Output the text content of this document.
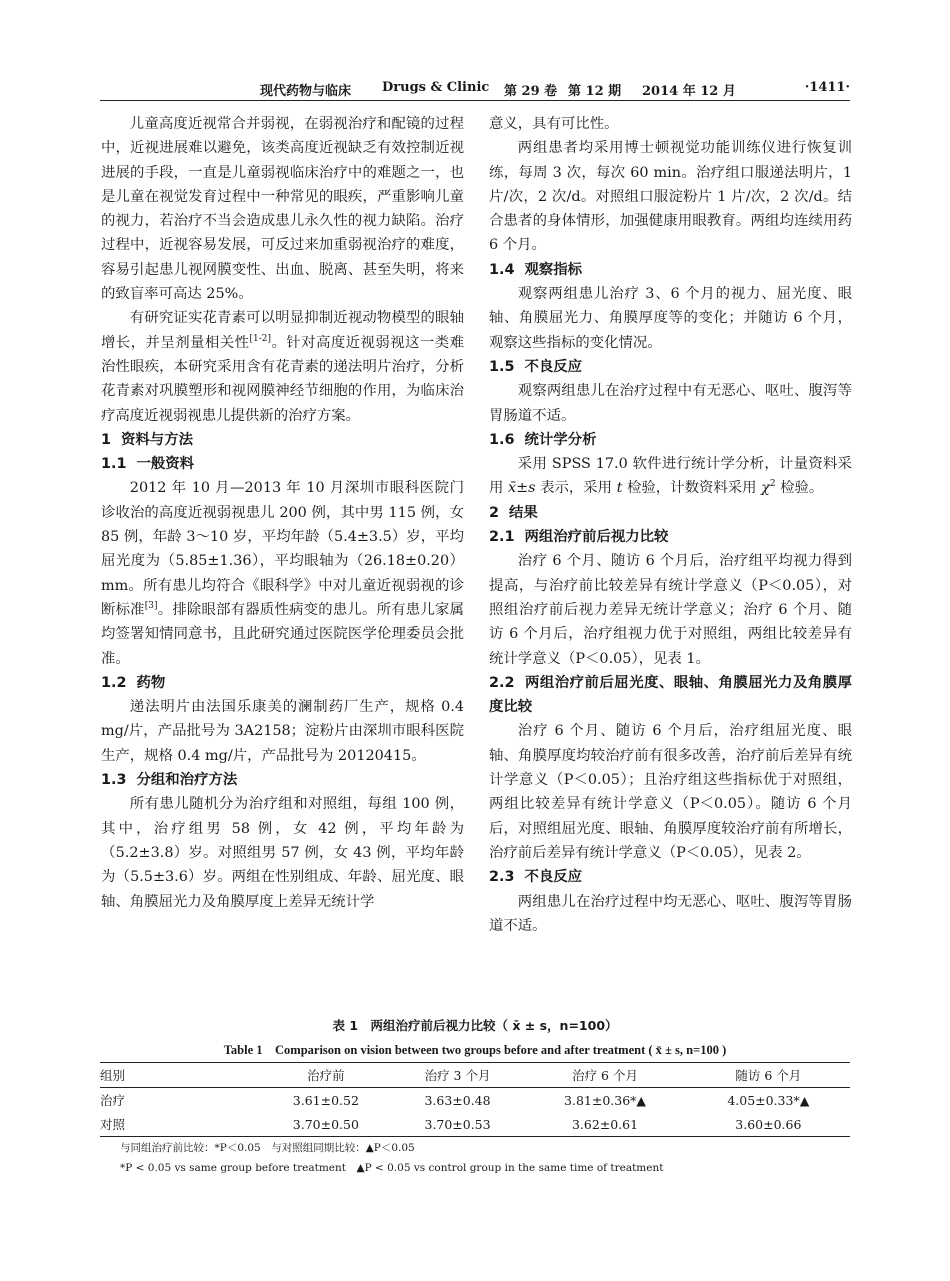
现代药物与临床 Drugs & Clinic 第 29 卷 第 12 期 2014 年 12 月	·1411·

儿童高度近视常合并弱视，在弱视治疗和配镜的过程中，近视进展难以避免，该类高度近视缺乏有效控制近视进展的手段，一直是儿童弱视临床治疗中的难题之一，也是儿童在视觉发育过程中一种常见的眼疾，严重影响儿童的视力，若治疗不当会造成患儿永久性的视力缺陷。治疗过程中，近视容易发展，可反过来加重弱视治疗的难度，容易引起患儿视网膜变性、出血、脱离、甚至失明，将来的致盲率可高达 25%。

有研究证实花青素可以明显抑制近视动物模型的眼轴增长，并呈剂量相关性[1-2]。针对高度近视弱视这一类难治性眼疾，本研究采用含有花青素的递法明片治疗，分析花青素对巩膜塑形和视网膜神经节细胞的作用，为临床治疗高度近视弱视患儿提供新的治疗方案。

1 资料与方法
1.1 一般资料

2012 年 10 月—2013 年 10 月深圳市眼科医院门诊收治的高度近视弱视患儿 200 例，其中男 115 例，女 85 例，年龄 3～10 岁，平均年龄（5.4±3.5）岁，平均屈光度为（5.85±1.36），平均眼轴为（26.18±0.20）mm。所有患儿均符合《眼科学》中对儿童近视弱视的诊断标准[3]。排除眼部有器质性病变的患儿。所有患儿家属均签署知情同意书，且此研究通过医院医学伦理委员会批准。

1.2 药物

递法明片由法国乐康美的澜制药厂生产，规格 0.4 mg/片，产品批号为 3A2158；淀粉片由深圳市眼科医院生产，规格 0.4 mg/片，产品批号为 20120415。

1.3 分组和治疗方法

所有患儿随机分为治疗组和对照组，每组 100 例，其中，治疗组男 58 例，女 42 例，平均年龄为（5.2±3.8）岁。对照组男 57 例，女 43 例，平均年龄为（5.5±3.6）岁。两组在性别组成、年龄、屈光度、眼轴、角膜屈光力及角膜厚度上差异无统计学

意义，具有可比性。

两组患者均采用博士顿视觉功能训练仪进行恢复训练，每周 3 次，每次 60 min。治疗组口服递法明片，1 片/次，2 次/d。对照组口服淀粉片 1 片/次，2 次/d。结合患者的身体情形，加强健康用眼教育。两组均连续用药 6 个月。

1.4 观察指标

观察两组患儿治疗 3、6 个月的视力、屈光度、眼轴、角膜屈光力、角膜厚度等的变化；并随访 6 个月，观察这些指标的变化情况。

1.5 不良反应

观察两组患儿在治疗过程中有无恶心、呕吐、腹泻等胃肠道不适。

1.6 统计学分析

采用 SPSS 17.0 软件进行统计学分析，计量资料采用 x̄±s 表示，采用 t 检验，计数资料采用 $\chi^2$ 检验。

2 结果
2.1 两组治疗前后视力比较

治疗 6 个月、随访 6 个月后，治疗组平均视力得到提高，与治疗前比较差异有统计学意义（P＜0.05），对照组治疗前后视力差异无统计学意义；治疗 6 个月、随访 6 个月后，治疗组视力优于对照组，两组比较差异有统计学意义（P＜0.05），见表 1。

2.2 两组治疗前后屈光度、眼轴、角膜屈光力及角膜厚度比较

治疗 6 个月、随访 6 个月后，治疗组屈光度、眼轴、角膜厚度均较治疗前有很多改善，治疗前后差异有统计学意义（P＜0.05）；且治疗组这些指标优于对照组，两组比较差异有统计学意义（P＜0.05）。随访 6 个月后，对照组屈光度、眼轴、角膜厚度较治疗前有所增长，治疗前后差异有统计学意义（P＜0.05），见表 2。

2.3 不良反应

两组患儿在治疗过程中均无恶心、呕吐、腹泻等胃肠道不适。

表 1　两组治疗前后视力比较（ x̄ ± s，n=100）
Table 1　Comparison on vision between two groups before and after treatment ( x̄ ± s, n=100 )
组别	治疗前	治疗 3 个月	治疗 6 个月	随访 6 个月
治疗	3.61±0.52	3.63±0.48	3.81±0.36*▲	4.05±0.33*▲
对照	3.70±0.50	3.70±0.53	3.62±0.61	3.60±0.66
与同组治疗前比较：*P＜0.05　与对照组同期比较：▲P＜0.05
*P < 0.05 vs same group before treatment　▲P < 0.05 vs control group in the same time of treatment
